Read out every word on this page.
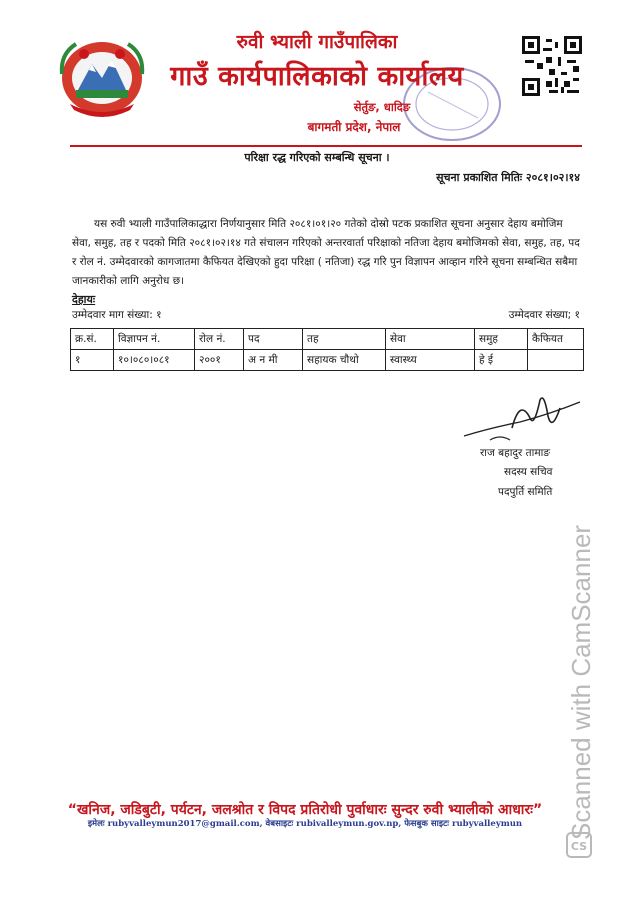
रुवी भ्याली गाउँपालिका
गाउँ कार्यपालिकाको कार्यालय
सेर्तुङ, धादिङ
बागमती प्रदेश, नेपाल
परिक्षा रद्ध गरिएको सम्बन्धि सूचना ।
सूचना प्रकाशित मितिः २०८१।०२।१४

यस रुवी भ्याली गाउँपालिकाद्धारा निर्णयानुसार मिति २०८१।०१।२० गतेको दोस्रो पटक प्रकाशित सूचना अनुसार देहाय बमोजिम सेवा, समुह, तह र पदको मिति २०८१।०२।१४ गते संचालन गरिएको अन्तरवार्ता परिक्षाको नतिजा देहाय बमोजिमको सेवा, समुह, तह, पद र रोल नं. उम्मेदवारको कागजातमा कैफियत देखिएको हुदा परिक्षा ( नतिजा) रद्ध गरि पुन विज्ञापन आव्हान गरिने सूचना सम्बन्धित सबैमा जानकारीको लागि अनुरोध छ।

देहायः
उम्मेदवार माग संख्या: १	उम्मेदवार संख्या; १
क्र.सं.	विज्ञापन नं.	रोल नं.	पद	तह	सेवा	समुह	कैफियत
१	१०।०८०।०८१	२००१	अ न मी	सहायक चौथो	स्वास्थ्य	हे ई	
राज बहादुर तामाङ
सदस्य सचिव
पदपुर्ति समिति
“खनिज, जडिबुटी, पर्यटन, जलश्रोत र विपद प्रतिरोधी पुर्वाधारः सुन्दर रुवी भ्यालीको आधारः”
इमेलः rubyvalleymun2017@gmail.com, वेबसाइटः rubivalleymun.gov.np, फेसबुक साइटः rubyvalleymun	Scanned with CamScanner
CS
